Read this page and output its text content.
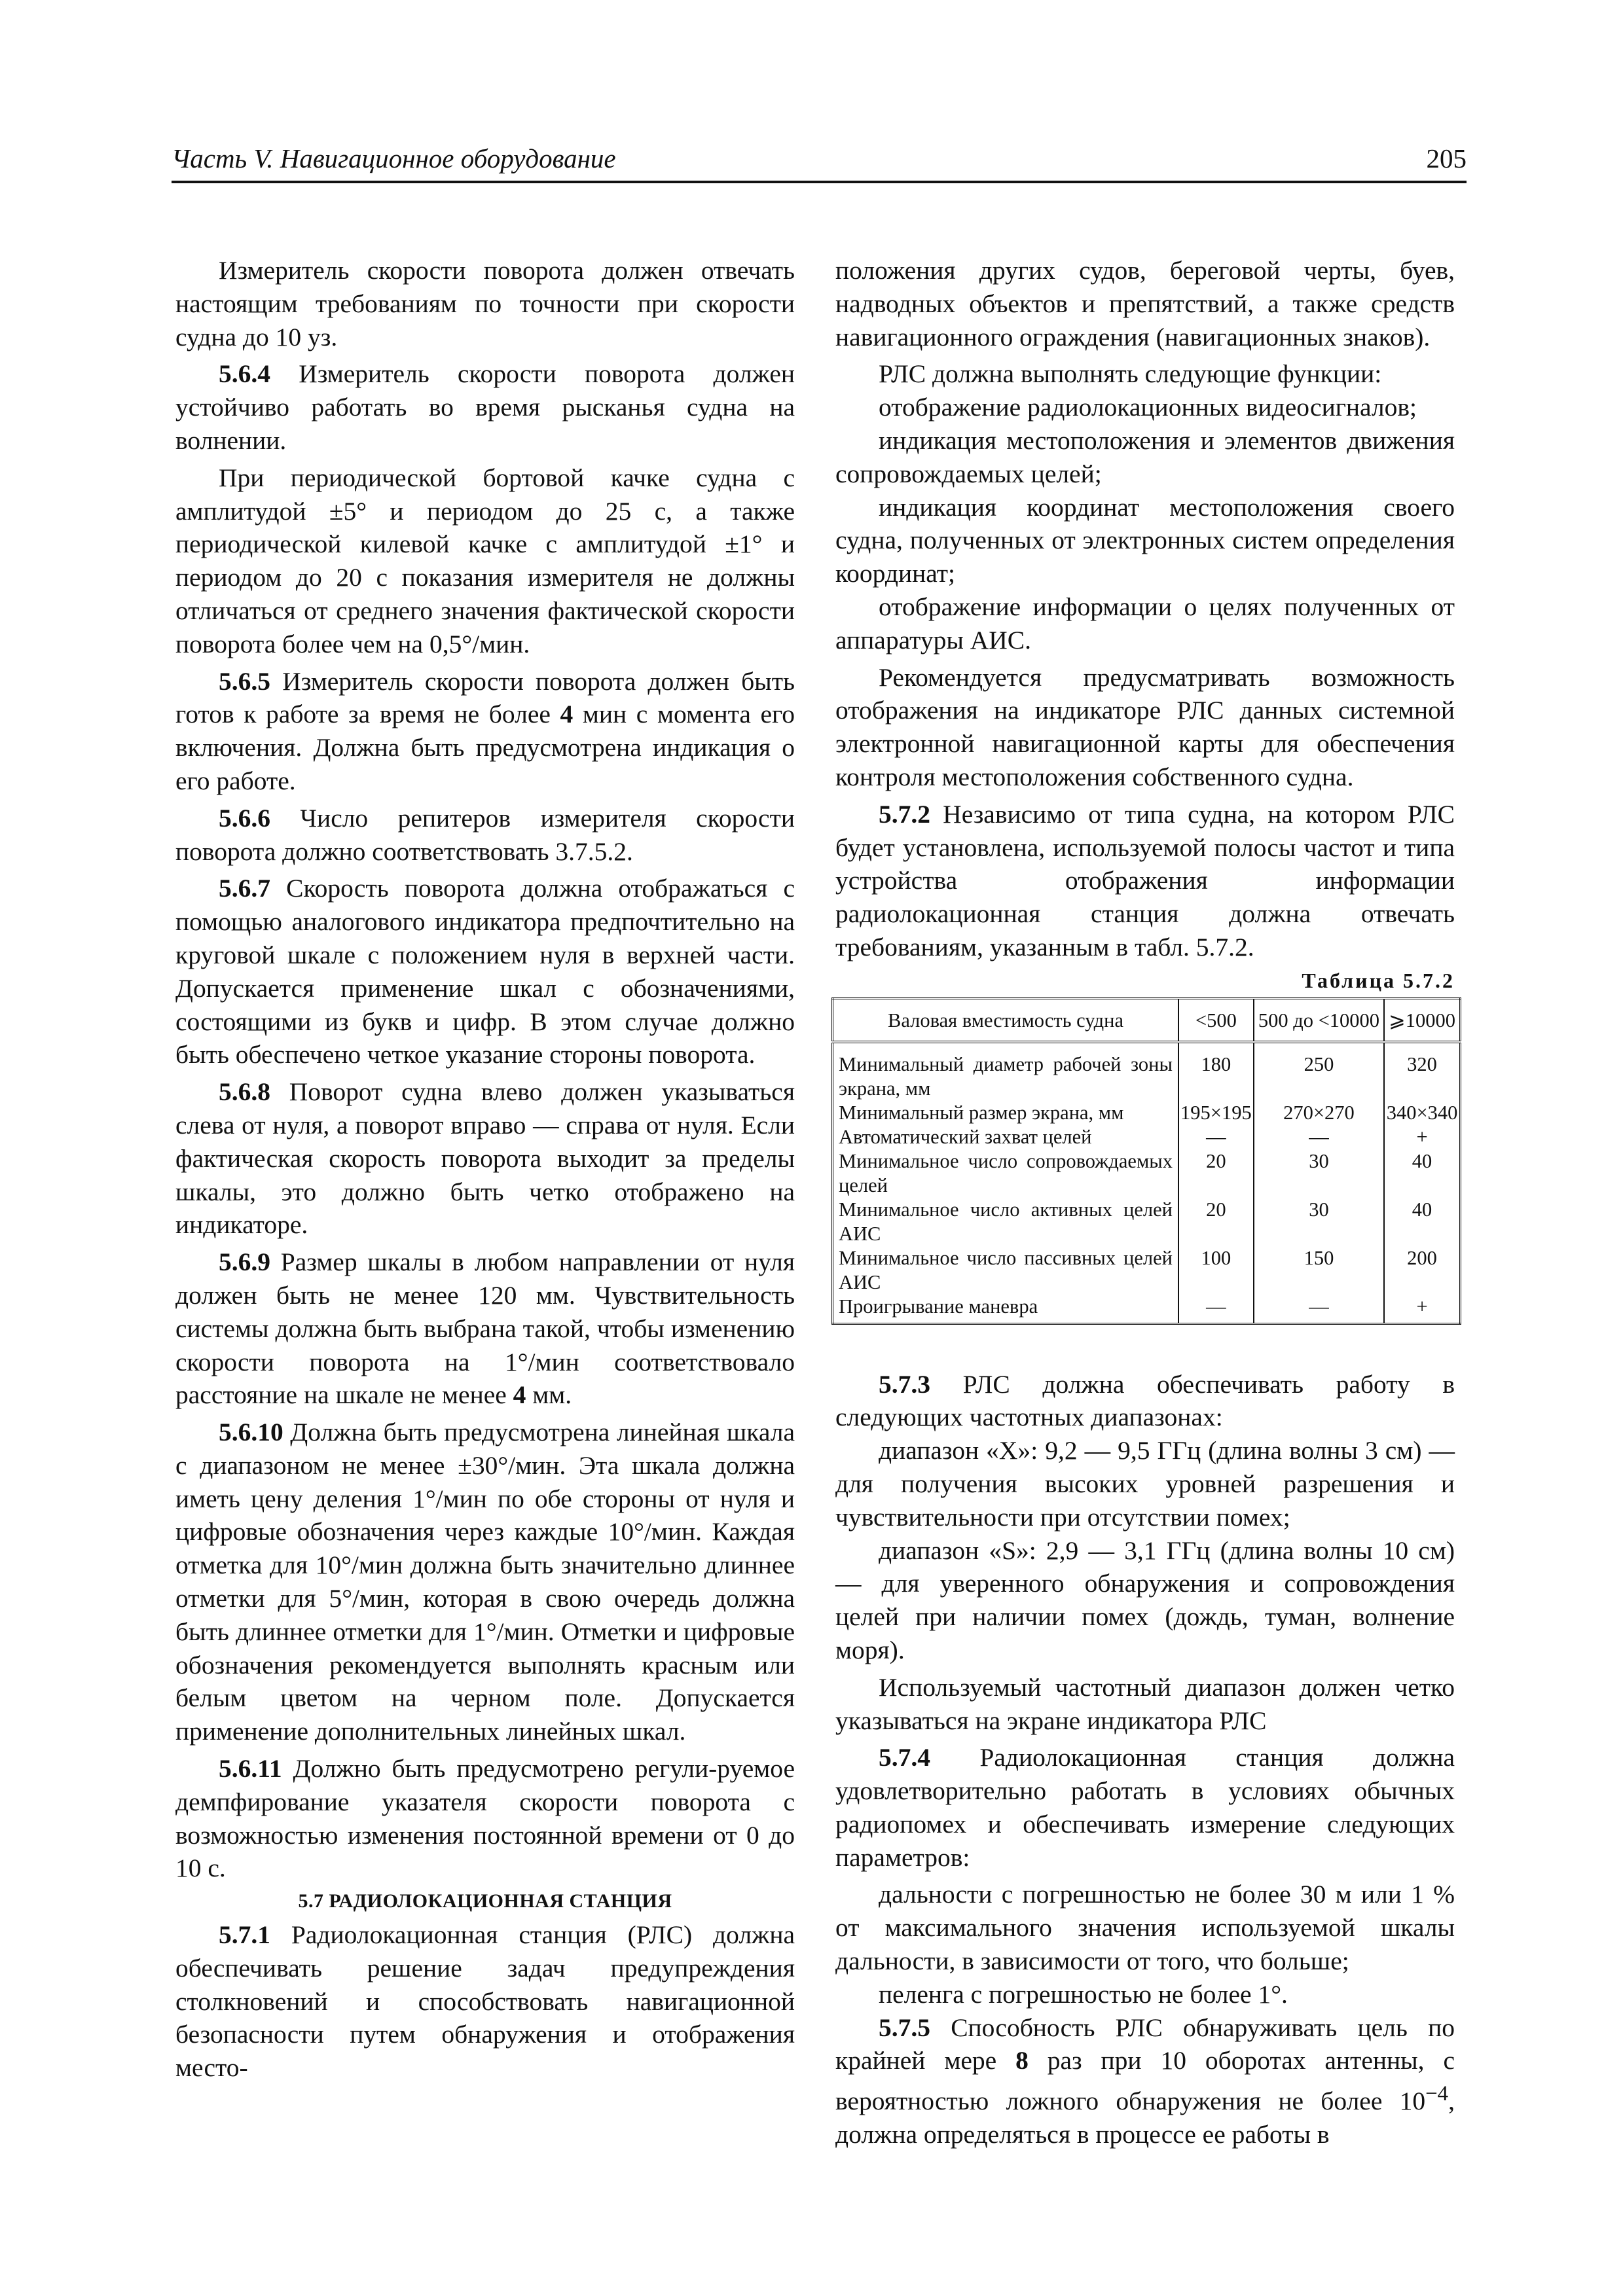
Часть V. Навигационное оборудование	205

Измеритель скорости поворота должен отвечать настоящим требованиям по точности при скорости судна до 10 уз.

5.6.4 Измеритель скорости поворота должен устойчиво работать во время рысканья судна на волнении.

При периодической бортовой качке судна с амплитудой ±5° и периодом до 25 с, а также периодической килевой качке с амплитудой ±1° и периодом до 20 с показания измерителя не должны отличаться от среднего значения фактической скорости поворота более чем на 0,5°/мин.

5.6.5 Измеритель скорости поворота должен быть готов к работе за время не более 4 мин с момента его включения. Должна быть предусмотрена индикация о его работе.

5.6.6 Число репитеров измерителя скорости поворота должно соответствовать 3.7.5.2.

5.6.7 Скорость поворота должна отображаться с помощью аналогового индикатора предпочтительно на круговой шкале с положением нуля в верхней части. Допускается применение шкал с обозначениями, состоящими из букв и цифр. В этом случае должно быть обеспечено четкое указание стороны поворота.

5.6.8 Поворот судна влево должен указываться слева от нуля, а поворот вправо — справа от нуля. Если фактическая скорость поворота выходит за пределы шкалы, это должно быть четко отображено на индикаторе.

5.6.9 Размер шкалы в любом направлении от нуля должен быть не менее 120 мм. Чувствительность системы должна быть выбрана такой, чтобы изменению скорости поворота на 1°/мин соответствовало расстояние на шкале не менее 4 мм.

5.6.10 Должна быть предусмотрена линейная шкала с диапазоном не менее ±30°/мин. Эта шкала должна иметь цену деления 1°/мин по обе стороны от нуля и цифровые обозначения через каждые 10°/мин. Каждая отметка для 10°/мин должна быть значительно длиннее отметки для 5°/мин, которая в свою очередь должна быть длиннее отметки для 1°/мин. Отметки и цифровые обозначения рекомендуется выполнять красным или белым цветом на черном поле. Допускается применение дополнительных линейных шкал.

5.6.11 Должно быть предусмотрено регули-руемое демпфирование указателя скорости поворота с возможностью изменения постоянной времени от 0 до 10 с.

5.7 РАДИОЛОКАЦИОННАЯ СТАНЦИЯ

5.7.1 Радиолокационная станция (РЛС) должна обеспечивать решение задач предупреждения столкновений и способствовать навигационной безопасности путем обнаружения и отображения место-

положения других судов, береговой черты, буев, надводных объектов и препятствий, а также средств навигационного ограждения (навигационных знаков).

РЛС должна выполнять следующие функции:

отображение радиолокационных видеосигналов;

индикация местоположения и элементов движения сопровождаемых целей;

индикация координат местоположения своего судна, полученных от электронных систем определения координат;

отображение информации о целях полученных от аппаратуры АИС.

Рекомендуется предусматривать возможность отображения на индикаторе РЛС данных системной электронной навигационной карты для обеспечения контроля местоположения собственного судна.

5.7.2 Независимо от типа судна, на котором РЛС будет установлена, используемой полосы частот и типа устройства отображения информации радиолокационная станция должна отвечать требованиям, указанным в табл. 5.7.2.

Таблица 5.7.2

Валовая вместимость судна	<500	500 до <10000	⩾10000
Минимальный диаметр рабочей зоны экрана, мм	180	250	320
Минимальный размер экрана, мм	195×195	270×270	340×340
Автоматический захват целей	—	—	+
Минимальное число сопровождаемых целей	20	30	40
Минимальное число активных целей АИС	20	30	40
Минимальное число пассивных целей АИС	100	150	200
Проигрывание маневра	—	—	+

5.7.3 РЛС должна обеспечивать работу в следующих частотных диапазонах:

диапазон «Х»: 9,2 — 9,5 ГГц (длина волны 3 см) — для получения высоких уровней разрешения и чувствительности при отсутствии помех;

диапазон «S»: 2,9 — 3,1 ГГц (длина волны 10 см) — для уверенного обнаружения и сопровождения целей при наличии помех (дождь, туман, волнение моря).

Используемый частотный диапазон должен четко указываться на экране индикатора РЛС

5.7.4 Радиолокационная станция должна удовлетворительно работать в условиях обычных радиопомех и обеспечивать измерение следующих параметров:

дальности с погрешностью не более 30 м или 1 % от максимального значения используемой шкалы дальности, в зависимости от того, что больше;

пеленга с погрешностью не более 1°.

5.7.5 Способность РЛС обнаруживать цель по крайней мере 8 раз при 10 оборотах антенны, с вероятностью ложного обнаружения не более $10^{-4}$, должна определяться в процессе ее работы в
